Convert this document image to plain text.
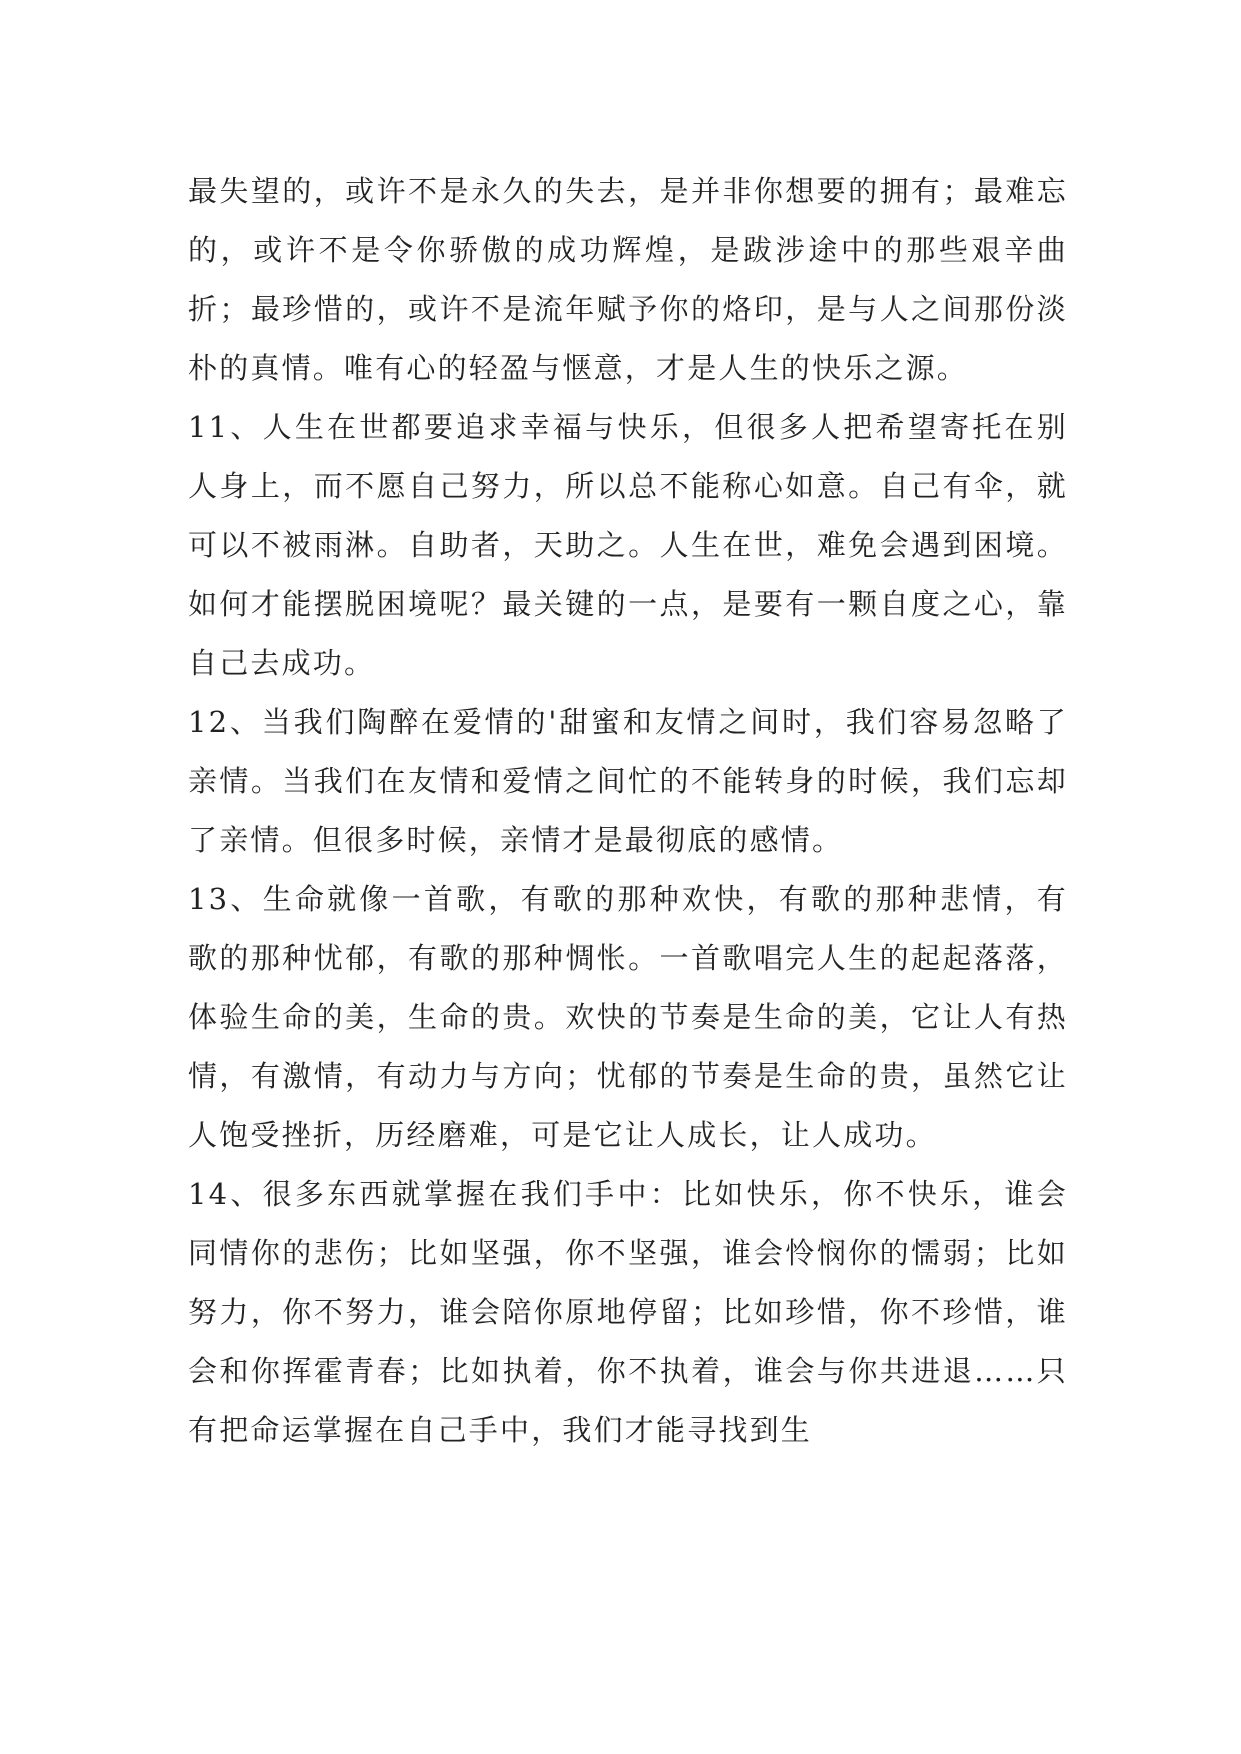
最失望的，或许不是永久的失去，是并非你想要的拥有；最难忘的，或许不是令你骄傲的成功辉煌，是跋涉途中的那些艰辛曲折；最珍惜的，或许不是流年赋予你的烙印，是与人之间那份淡朴的真情。唯有心的轻盈与惬意，才是人生的快乐之源。

11、人生在世都要追求幸福与快乐，但很多人把希望寄托在别人身上，而不愿自己努力，所以总不能称心如意。自己有伞，就可以不被雨淋。自助者，天助之。人生在世，难免会遇到困境。如何才能摆脱困境呢？最关键的一点，是要有一颗自度之心，靠自己去成功。

12、当我们陶醉在爱情的'甜蜜和友情之间时，我们容易忽略了亲情。当我们在友情和爱情之间忙的不能转身的时候，我们忘却了亲情。但很多时候，亲情才是最彻底的感情。

13、生命就像一首歌，有歌的那种欢快，有歌的那种悲情，有歌的那种忧郁，有歌的那种惆怅。一首歌唱完人生的起起落落，体验生命的美，生命的贵。欢快的节奏是生命的美，它让人有热情，有激情，有动力与方向；忧郁的节奏是生命的贵，虽然它让人饱受挫折，历经磨难，可是它让人成长，让人成功。

14、很多东西就掌握在我们手中：比如快乐，你不快乐，谁会同情你的悲伤；比如坚强，你不坚强，谁会怜悯你的懦弱；比如努力，你不努力，谁会陪你原地停留；比如珍惜，你不珍惜，谁会和你挥霍青春；比如执着，你不执着，谁会与你共进退……只有把命运掌握在自己手中，我们才能寻找到生
